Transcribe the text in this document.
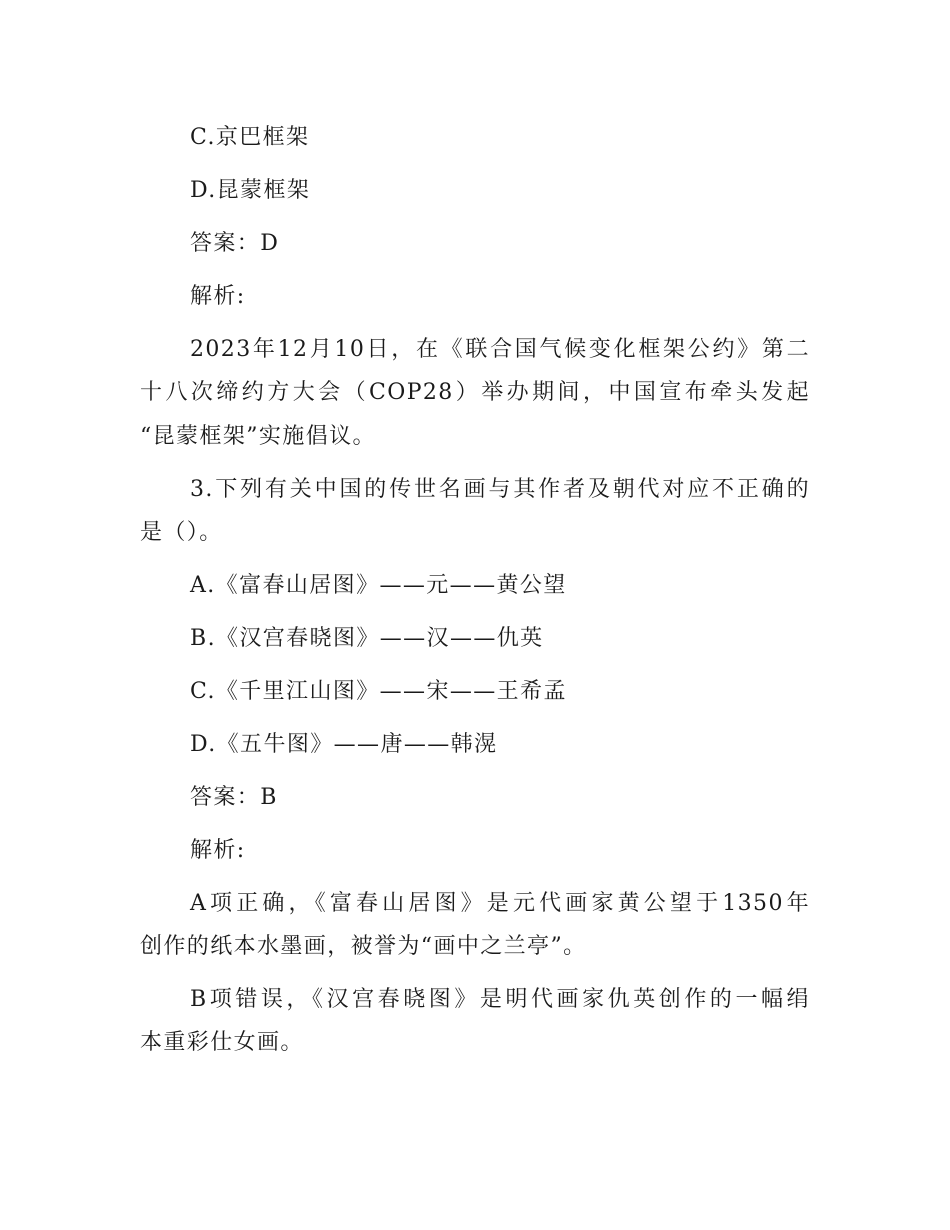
C.京巴框架
D.昆蒙框架
答案：D
解析:
2023年12月10日，在《联合国气候变化框架公约》第二
十八次缔约方大会（COP28）举办期间，中国宣布牵头发起
“昆蒙框架”实施倡议。
3.下列有关中国的传世名画与其作者及朝代对应不正确的
是（）。
A.《富春山居图》——元——黄公望
B.《汉宫春晓图》——汉——仇英
C.《千里江山图》——宋——王希孟
D.《五牛图》——唐——韩滉
答案：B
解析:
A项正确，《富春山居图》是元代画家黄公望于1350年
创作的纸本水墨画，被誉为“画中之兰亭”。
B项错误，《汉宫春晓图》是明代画家仇英创作的一幅绢
本重彩仕女画。
